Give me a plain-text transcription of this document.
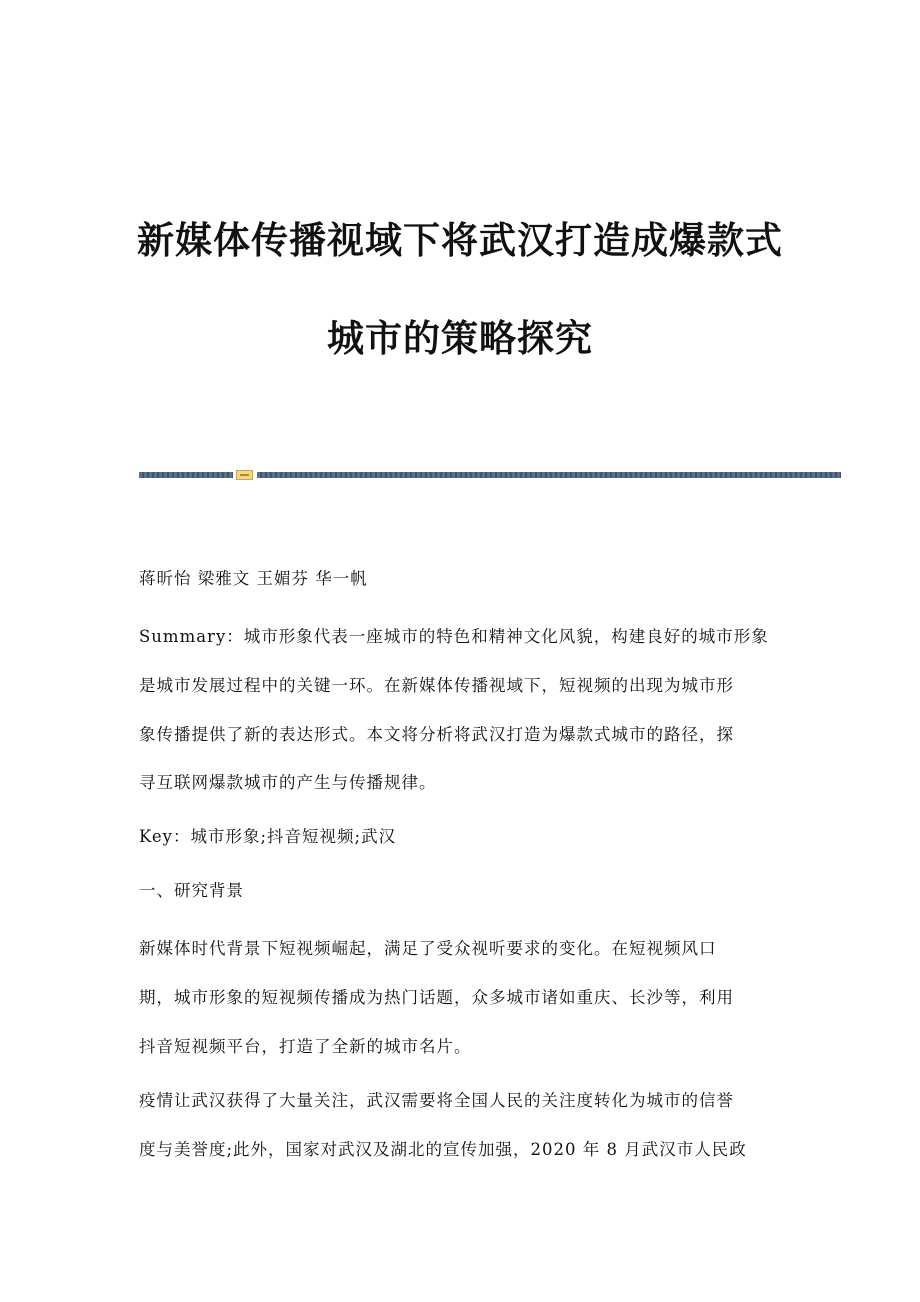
新媒体传播视域下将武汉打造成爆款式
城市的策略探究

蒋昕怡 梁雅文 王媚芬 华一帆

Summary：城市形象代表一座城市的特色和精神文化风貌，构建良好的城市形象

是城市发展过程中的关键一环。在新媒体传播视域下，短视频的出现为城市形

象传播提供了新的表达形式。本文将分析将武汉打造为爆款式城市的路径，探

寻互联网爆款城市的产生与传播规律。

Key：城市形象;抖音短视频;武汉

一、研究背景

新媒体时代背景下短视频崛起，满足了受众视听要求的变化。在短视频风口

期，城市形象的短视频传播成为热门话题，众多城市诸如重庆、长沙等，利用

抖音短视频平台，打造了全新的城市名片。

疫情让武汉获得了大量关注，武汉需要将全国人民的关注度转化为城市的信誉

度与美誉度;此外，国家对武汉及湖北的宣传加强，2020 年 8 月武汉市人民政
